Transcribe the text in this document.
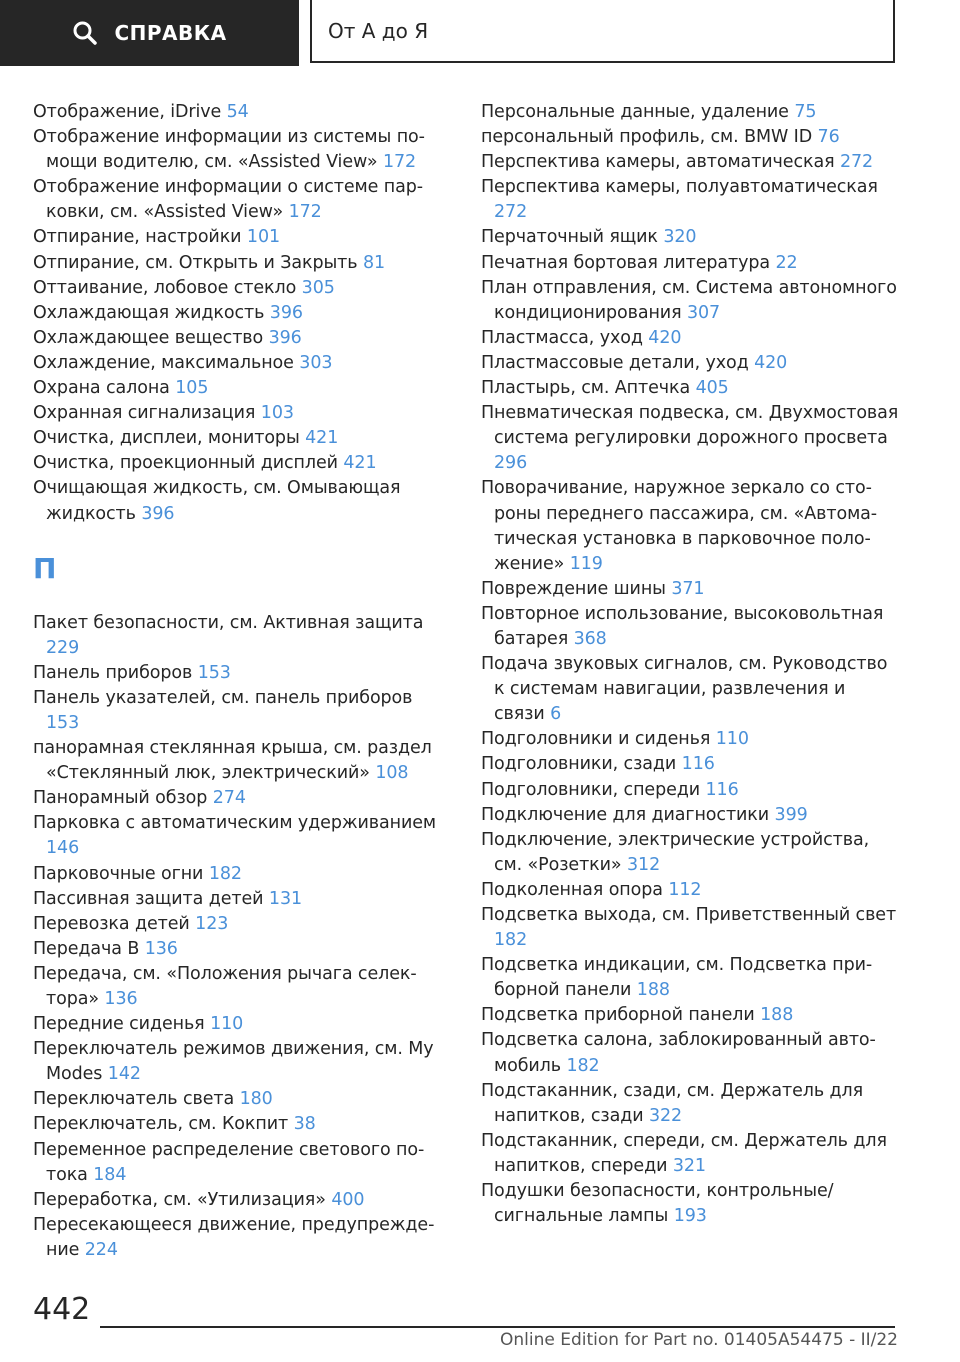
СПРАВКА	От А до Я
Отображение, iDrive 54
Отображение информации из системы помощи водителю, см. «Assisted View» 172
Отображение информации о системе парковки, см. «Assisted View» 172
Отпирание, настройки 101
Отпирание, см. Открыть и Закрыть 81
Оттаивание, лобовое стекло 305
Охлаждающая жидкость 396
Охлаждающее вещество 396
Охлаждение, максимальное 303
Охрана салона 105
Охранная сигнализация 103
Очистка, дисплеи, мониторы 421
Очистка, проекционный дисплей 421
Очищающая жидкость, см. Омывающая жидкость 396
П
Пакет безопасности, см. Активная защита 229
Панель приборов 153
Панель указателей, см. панель приборов 153
панорамная стеклянная крыша, см. раздел «Стеклянный люк, электрический» 108
Панорамный обзор 274
Парковка с автоматическим удерживанием 146
Парковочные огни 182
Пассивная защита детей 131
Перевозка детей 123
Передача B 136
Передача, см. «Положения рычага селектора» 136
Передние сиденья 110
Переключатель режимов движения, см. My Modes 142
Переключатель света 180
Переключатель, см. Кокпит 38
Переменное распределение светового потока 184
Переработка, см. «Утилизация» 400
Пересекающееся движение, предупреждение 224
Персональные данные, удаление 75
персональный профиль, см. BMW ID 76
Перспектива камеры, автоматическая 272
Перспектива камеры, полуавтоматическая 272
Перчаточный ящик 320
Печатная бортовая литература 22
План отправления, см. Система автономного кондиционирования 307
Пластмасса, уход 420
Пластмассовые детали, уход 420
Пластырь, см. Аптечка 405
Пневматическая подвеска, см. Двухмостовая система регулировки дорожного просвета 296
Поворачивание, наружное зеркало со стороны переднего пассажира, см. «Автоматическая установка в парковочное положение» 119
Повреждение шины 371
Повторное использование, высоковольтная батарея 368
Подача звуковых сигналов, см. Руководство к системам навигации, развлечения и связи 6
Подголовники и сиденья 110
Подголовники, сзади 116
Подголовники, спереди 116
Подключение для диагностики 399
Подключение, электрические устройства, см. «Розетки» 312
Подколенная опора 112
Подсветка выхода, см. Приветственный свет 182
Подсветка индикации, см. Подсветка приборной панели 188
Подсветка приборной панели 188
Подсветка салона, заблокированный автомобиль 182
Подстаканник, сзади, см. Держатель для напитков, сзади 322
Подстаканник, спереди, см. Держатель для напитков, спереди 321
Подушки безопасности, контрольные/ сигнальные лампы 193
442
Online Edition for Part no. 01405A54475 - II/22
